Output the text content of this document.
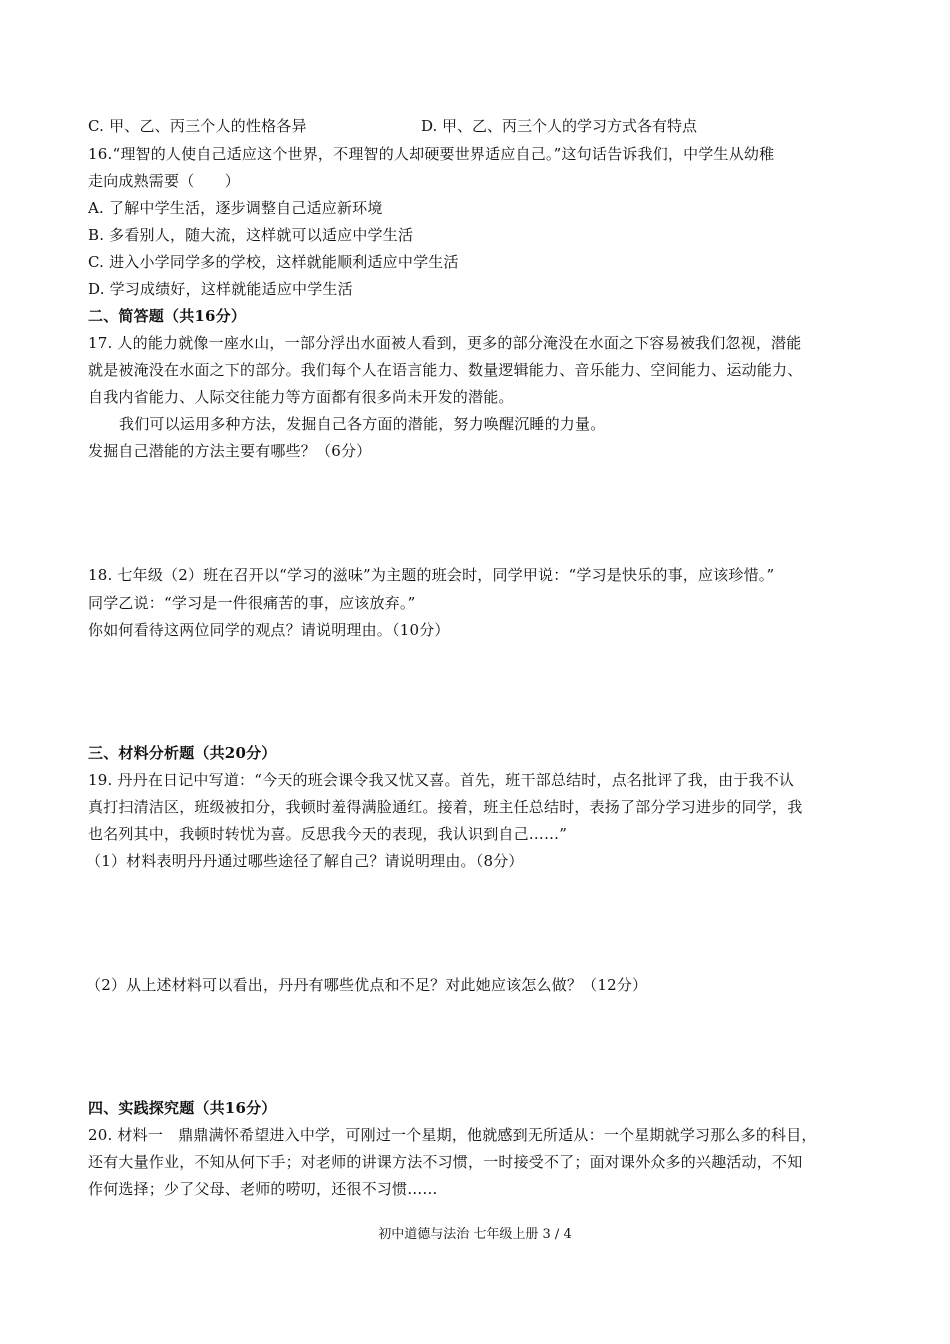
C. 甲、乙、丙三个人的性格各异	D. 甲、乙、丙三个人的学习方式各有特点
16.“理智的人使自己适应这个世界，不理智的人却硬要世界适应自己。”这句话告诉我们，中学生从幼稚
走向成熟需要（　　）
A. 了解中学生活，逐步调整自己适应新环境
B. 多看别人，随大流，这样就可以适应中学生活
C. 进入小学同学多的学校，这样就能顺利适应中学生活
D. 学习成绩好，这样就能适应中学生活
二、简答题（共16分）
17. 人的能力就像一座水山，一部分浮出水面被人看到，更多的部分淹没在水面之下容易被我们忽视，潜能
就是被淹没在水面之下的部分。我们每个人在语言能力、数量逻辑能力、音乐能力、空间能力、运动能力、
自我内省能力、人际交往能力等方面都有很多尚未开发的潜能。
我们可以运用多种方法，发掘自己各方面的潜能，努力唤醒沉睡的力量。
发掘自己潜能的方法主要有哪些？（6分）
18. 七年级（2）班在召开以“学习的滋味”为主题的班会时，同学甲说：“学习是快乐的事，应该珍惜。”
同学乙说：“学习是一件很痛苦的事，应该放弃。”
你如何看待这两位同学的观点？请说明理由。（10分）
三、材料分析题（共20分）
19. 丹丹在日记中写道：“今天的班会课令我又忧又喜。首先，班干部总结时，点名批评了我，由于我不认
真打扫清洁区，班级被扣分，我顿时羞得满脸通红。接着，班主任总结时，表扬了部分学习进步的同学，我
也名列其中，我顿时转忧为喜。反思我今天的表现，我认识到自己……”
（1）材料表明丹丹通过哪些途径了解自己？请说明理由。（8分）
（2）从上述材料可以看出，丹丹有哪些优点和不足？对此她应该怎么做？（12分）
四、实践探究题（共16分）
20. 材料一　鼎鼎满怀希望进入中学，可刚过一个星期，他就感到无所适从：一个星期就学习那么多的科目，
还有大量作业，不知从何下手；对老师的讲课方法不习惯，一时接受不了；面对课外众多的兴趣活动，不知
作何选择；少了父母、老师的唠叨，还很不习惯……
初中道德与法治 七年级上册 3 / 4
